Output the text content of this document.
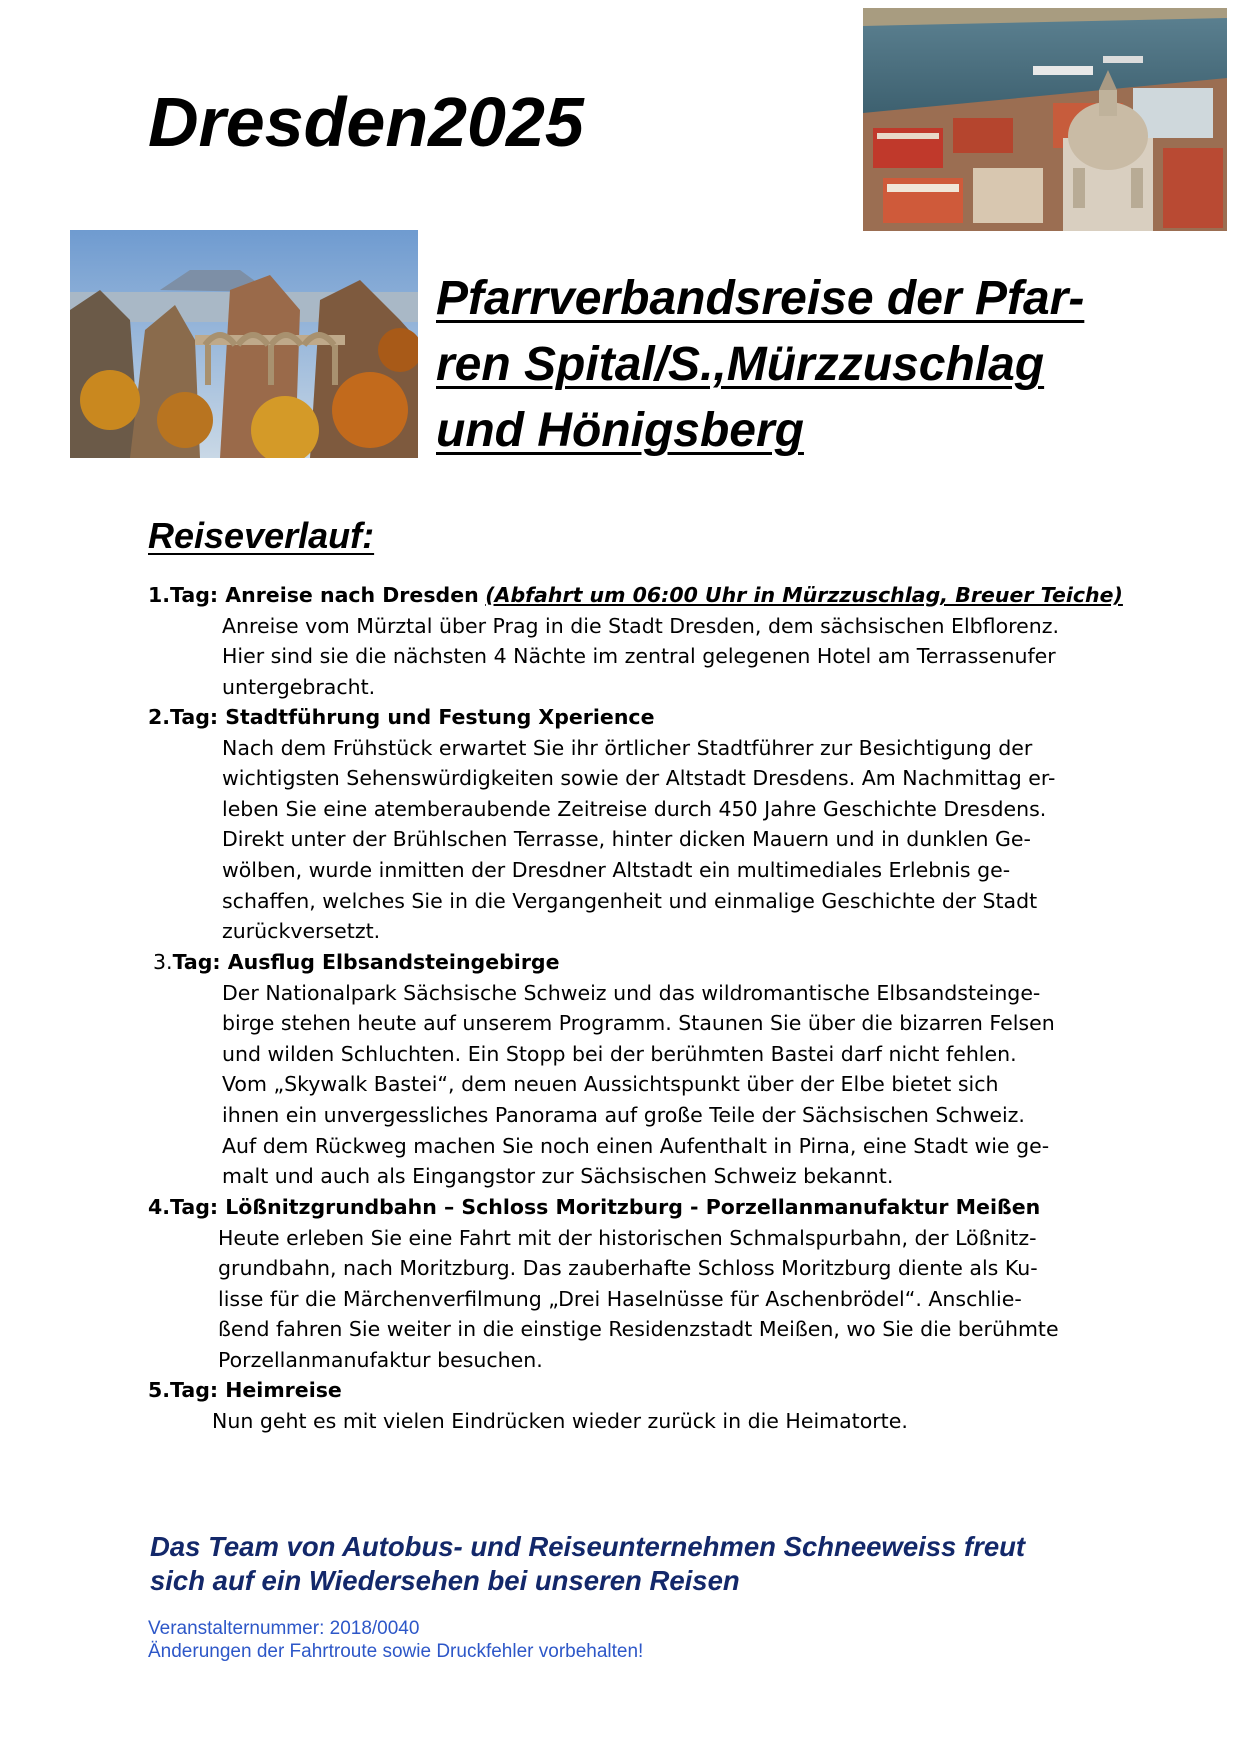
Dresden2025
Pfarrverbandsreise der Pfar-
ren Spital/S.,Mürzzuschlag
und Hönigsberg
Reiseverlauf:
1.Tag: Anreise nach Dresden (Abfahrt um 06:00 Uhr in Mürzzuschlag, Breuer Teiche)
Anreise vom Mürztal über Prag in die Stadt Dresden, dem sächsischen Elbflorenz.
Hier sind sie die nächsten 4 Nächte im zentral gelegenen Hotel am Terrassenufer
untergebracht.
2.Tag: Stadtführung und Festung Xperience
Nach dem Frühstück erwartet Sie ihr örtlicher Stadtführer zur Besichtigung der
wichtigsten Sehenswürdigkeiten sowie der Altstadt Dresdens. Am Nachmittag er-
leben Sie eine atemberaubende Zeitreise durch 450 Jahre Geschichte Dresdens.
Direkt unter der Brühlschen Terrasse, hinter dicken Mauern und in dunklen Ge-
wölben, wurde inmitten der Dresdner Altstadt ein multimediales Erlebnis ge-
schaffen, welches Sie in die Vergangenheit und einmalige Geschichte der Stadt
zurückversetzt.
3.Tag: Ausflug Elbsandsteingebirge
Der Nationalpark Sächsische Schweiz und das wildromantische Elbsandsteinge-
birge stehen heute auf unserem Programm. Staunen Sie über die bizarren Felsen
und wilden Schluchten. Ein Stopp bei der berühmten Bastei darf nicht fehlen.
Vom „Skywalk Bastei“, dem neuen Aussichtspunkt über der Elbe bietet sich
ihnen ein unvergessliches Panorama auf große Teile der Sächsischen Schweiz.
Auf dem Rückweg machen Sie noch einen Aufenthalt in Pirna, eine Stadt wie ge-
malt und auch als Eingangstor zur Sächsischen Schweiz bekannt.
4.Tag: Lößnitzgrundbahn – Schloss Moritzburg - Porzellanmanufaktur Meißen
Heute erleben Sie eine Fahrt mit der historischen Schmalspurbahn, der Lößnitz-
grundbahn, nach Moritzburg. Das zauberhafte Schloss Moritzburg diente als Ku-
lisse für die Märchenverfilmung „Drei Haselnüsse für Aschenbrödel“. Anschlie-
ßend fahren Sie weiter in die einstige Residenzstadt Meißen, wo Sie die berühmte
Porzellanmanufaktur besuchen.
5.Tag: Heimreise
Nun geht es mit vielen Eindrücken wieder zurück in die Heimatorte.
Das Team von Autobus- und Reiseunternehmen Schneeweiss freut
sich auf ein Wiedersehen bei unseren Reisen
Veranstalternummer: 2018/0040
Änderungen der Fahrtroute sowie Druckfehler vorbehalten!
